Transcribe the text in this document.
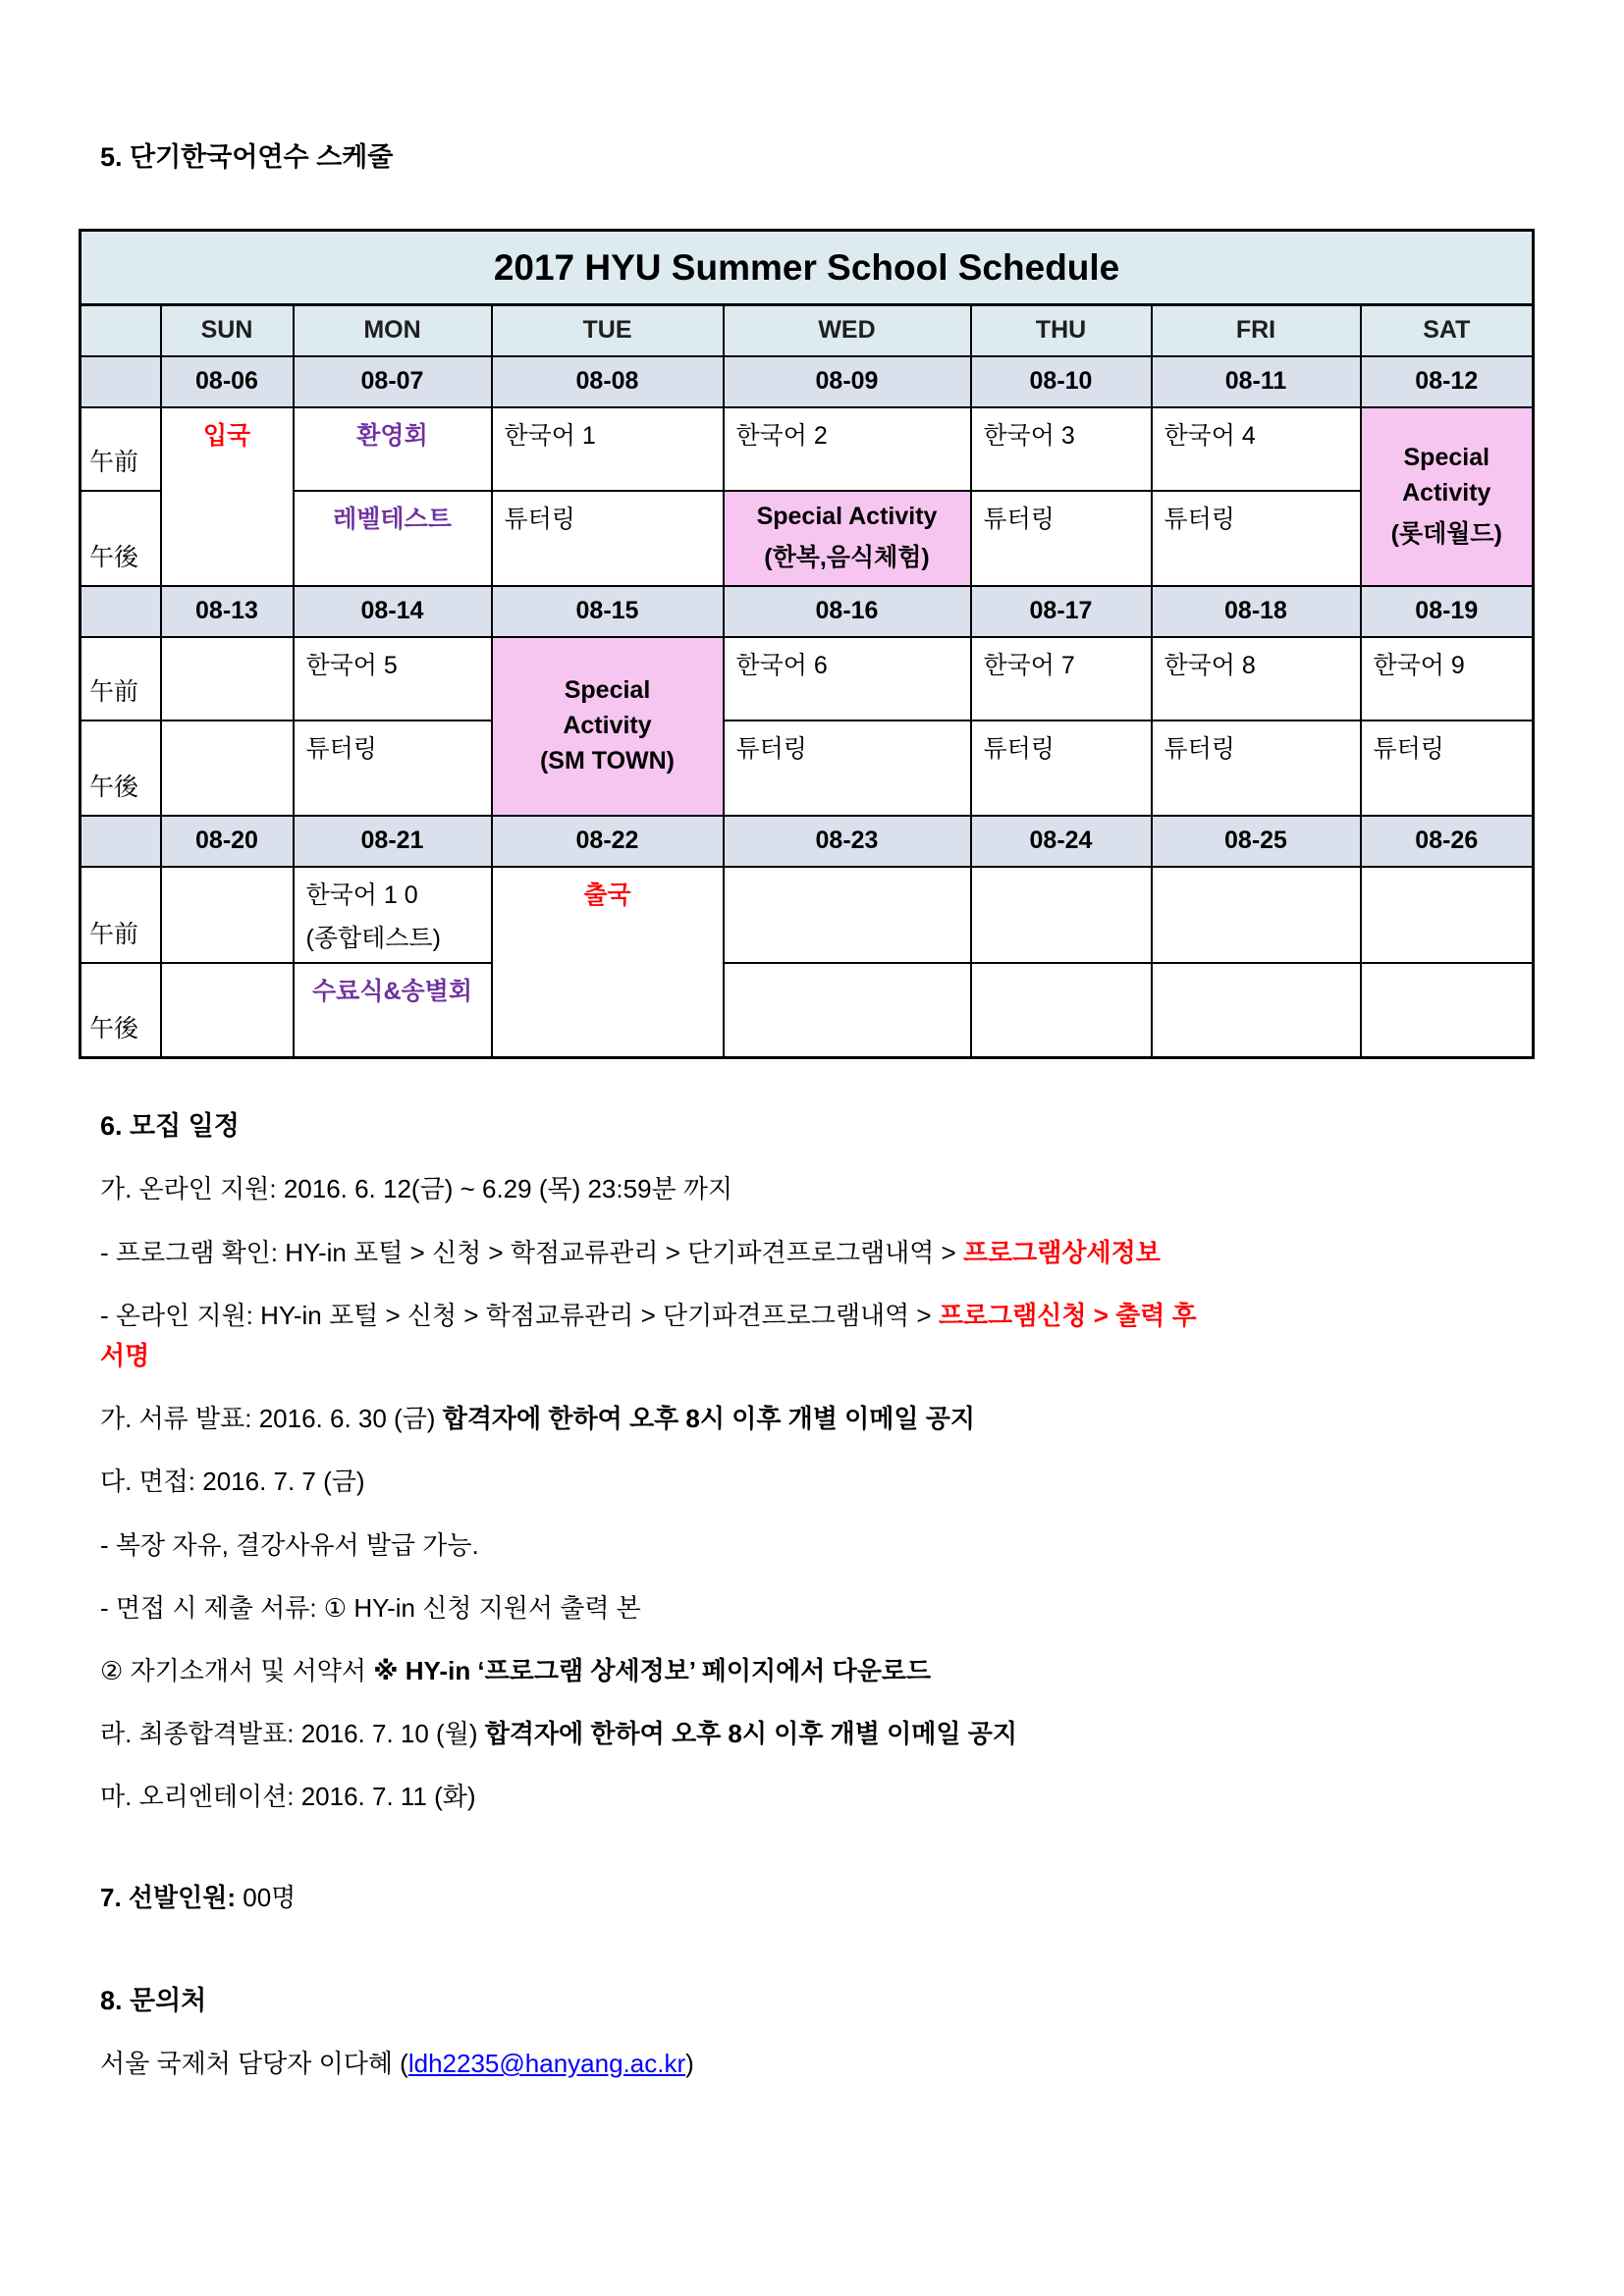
5. 단기한국어연수 스케줄
2017 HYU Summer School Schedule							
	SUN	MON	TUE	WED	THU	FRI	SAT
	08-06	08-07	08-08	08-09	08-10	08-11	08-12
午前	입국	환영회	한국어 1	한국어 2	한국어 3	한국어 4	Special
Activity
(롯데월드)

午後		레벨테스트	튜터링	Special Activity
(한복,음식체험)	튜터링	튜터링	
	08-13	08-14	08-15	08-16	08-17	08-18	08-19
午前		한국어 5	Special
Activity
(SM TOWN)	한국어 6	한국어 7	한국어 8	한국어 9
午後		튜터링		튜터링	튜터링	튜터링	튜터링
	08-20	08-21	08-22	08-23	08-24	08-25	08-26
午前		한국어 1 0
(종합테스트)	출국				
午後		수료식&송별회					

6. 모집 일정

가. 온라인 지원: 2016. 6. 12(금) ~ 6.29 (목) 23:59분 까지

- 프로그램 확인: HY-in 포털 > 신청 > 학점교류관리 > 단기파견프로그램내역 > 프로그램상세정보

- 온라인 지원: HY-in 포털 > 신청 > 학점교류관리 > 단기파견프로그램내역 > 프로그램신청 > 출력 후

서명

가. 서류 발표: 2016. 6. 30 (금) 합격자에 한하여 오후 8시 이후 개별 이메일 공지

다. 면접: 2016. 7. 7 (금)

- 복장 자유, 결강사유서 발급 가능.

- 면접 시 제출 서류: ① HY-in 신청 지원서 출력 본

② 자기소개서 및 서약서 ※ HY-in ‘프로그램 상세정보’ 페이지에서 다운로드

라. 최종합격발표: 2016. 7. 10 (월) 합격자에 한하여 오후 8시 이후 개별 이메일 공지

마. 오리엔테이션: 2016. 7. 11 (화)

7. 선발인원: 00명

8. 문의처

서울 국제처 담당자 이다혜 (ldh2235@hanyang.ac.kr)
